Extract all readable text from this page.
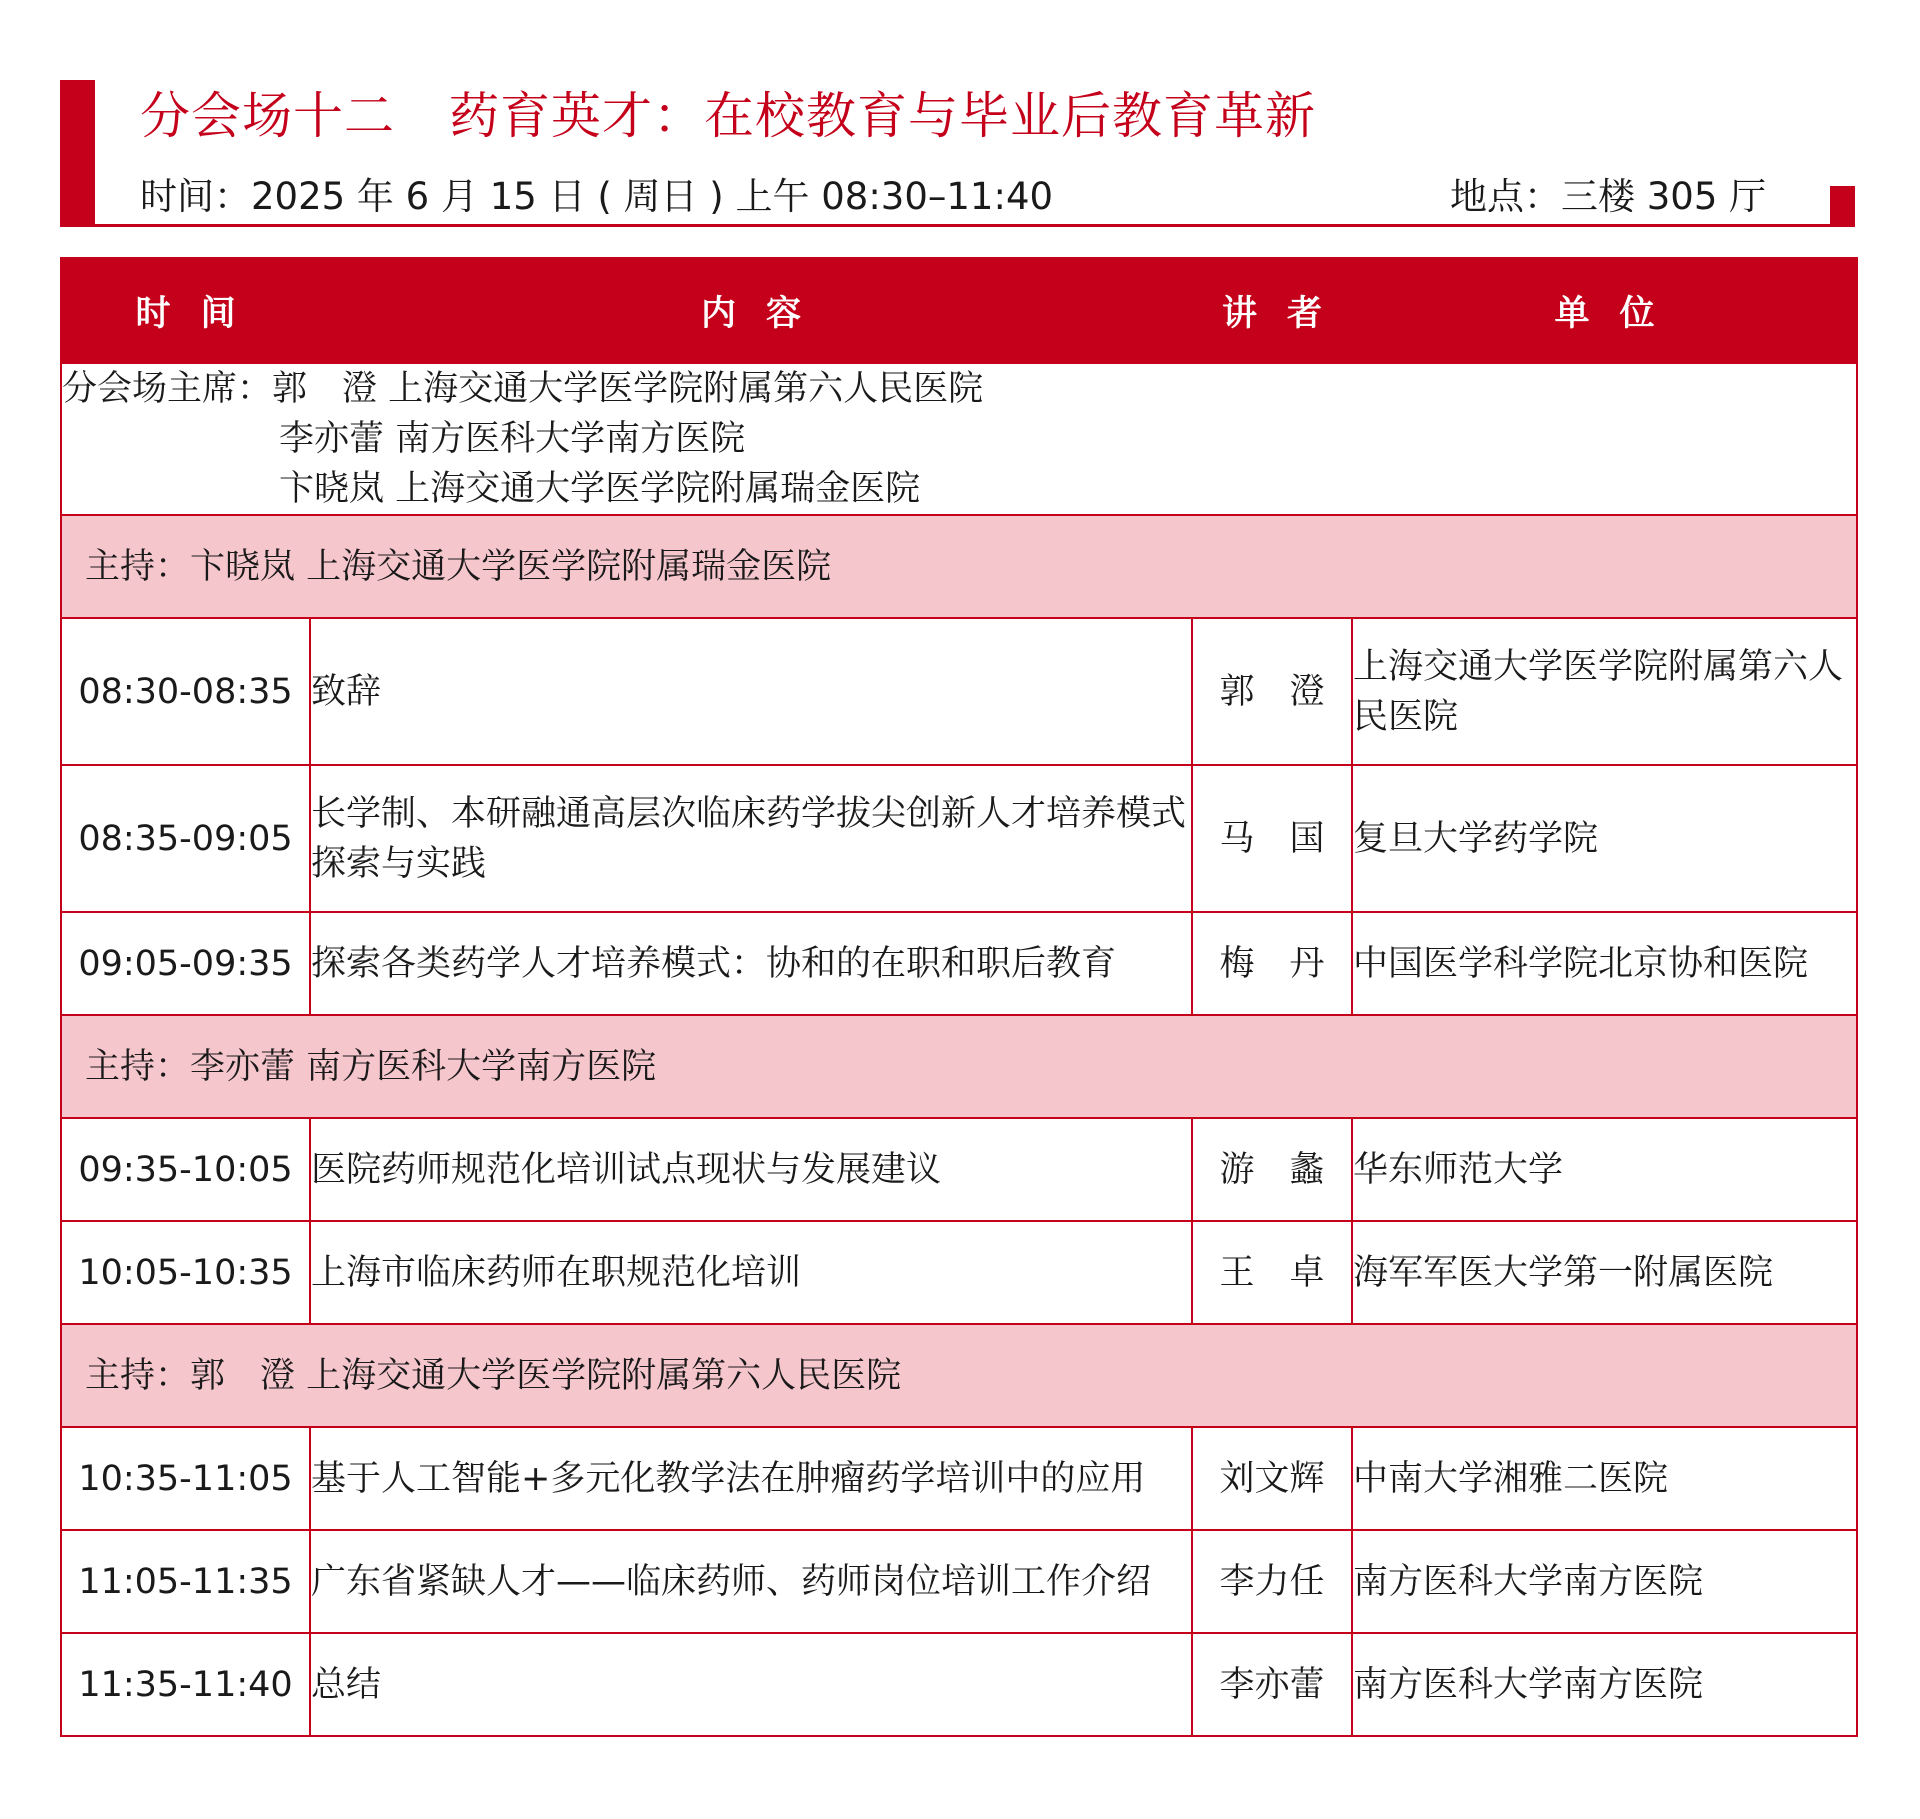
分会场十二 药育英才：在校教育与毕业后教育革新
时间：2025 年 6 月 15 日 ( 周日 ) 上午 08:30–11:40	地点：三楼 305 厅
时间	内容	讲者	单位

分会场主席：郭　澄 上海交通大学医学院附属第六人民医院
李亦蕾 南方医科大学南方医院
卞晓岚 上海交通大学医学院附属瑞金医院			

主持：卞晓岚 上海交通大学医学院附属瑞金医院			
08:30-08:35	致辞	郭　澄	上海交通大学医学院附属第六人民医院
08:35-09:05	长学制、本研融通高层次临床药学拔尖创新人才培养模式探索与实践	马　国	复旦大学药学院
09:05-09:35	探索各类药学人才培养模式：协和的在职和职后教育	梅　丹	中国医学科学院北京协和医院
主持：李亦蕾 南方医科大学南方医院			
09:35-10:05	医院药师规范化培训试点现状与发展建议	游　蠡	华东师范大学
10:05-10:35	上海市临床药师在职规范化培训	王　卓	海军军医大学第一附属医院
主持：郭　澄 上海交通大学医学院附属第六人民医院			
10:35-11:05	基于人工智能+多元化教学法在肿瘤药学培训中的应用	刘文辉	中南大学湘雅二医院
11:05-11:35	广东省紧缺人才——临床药师、药师岗位培训工作介绍	李力任	南方医科大学南方医院
11:35-11:40	总结	李亦蕾	南方医科大学南方医院
